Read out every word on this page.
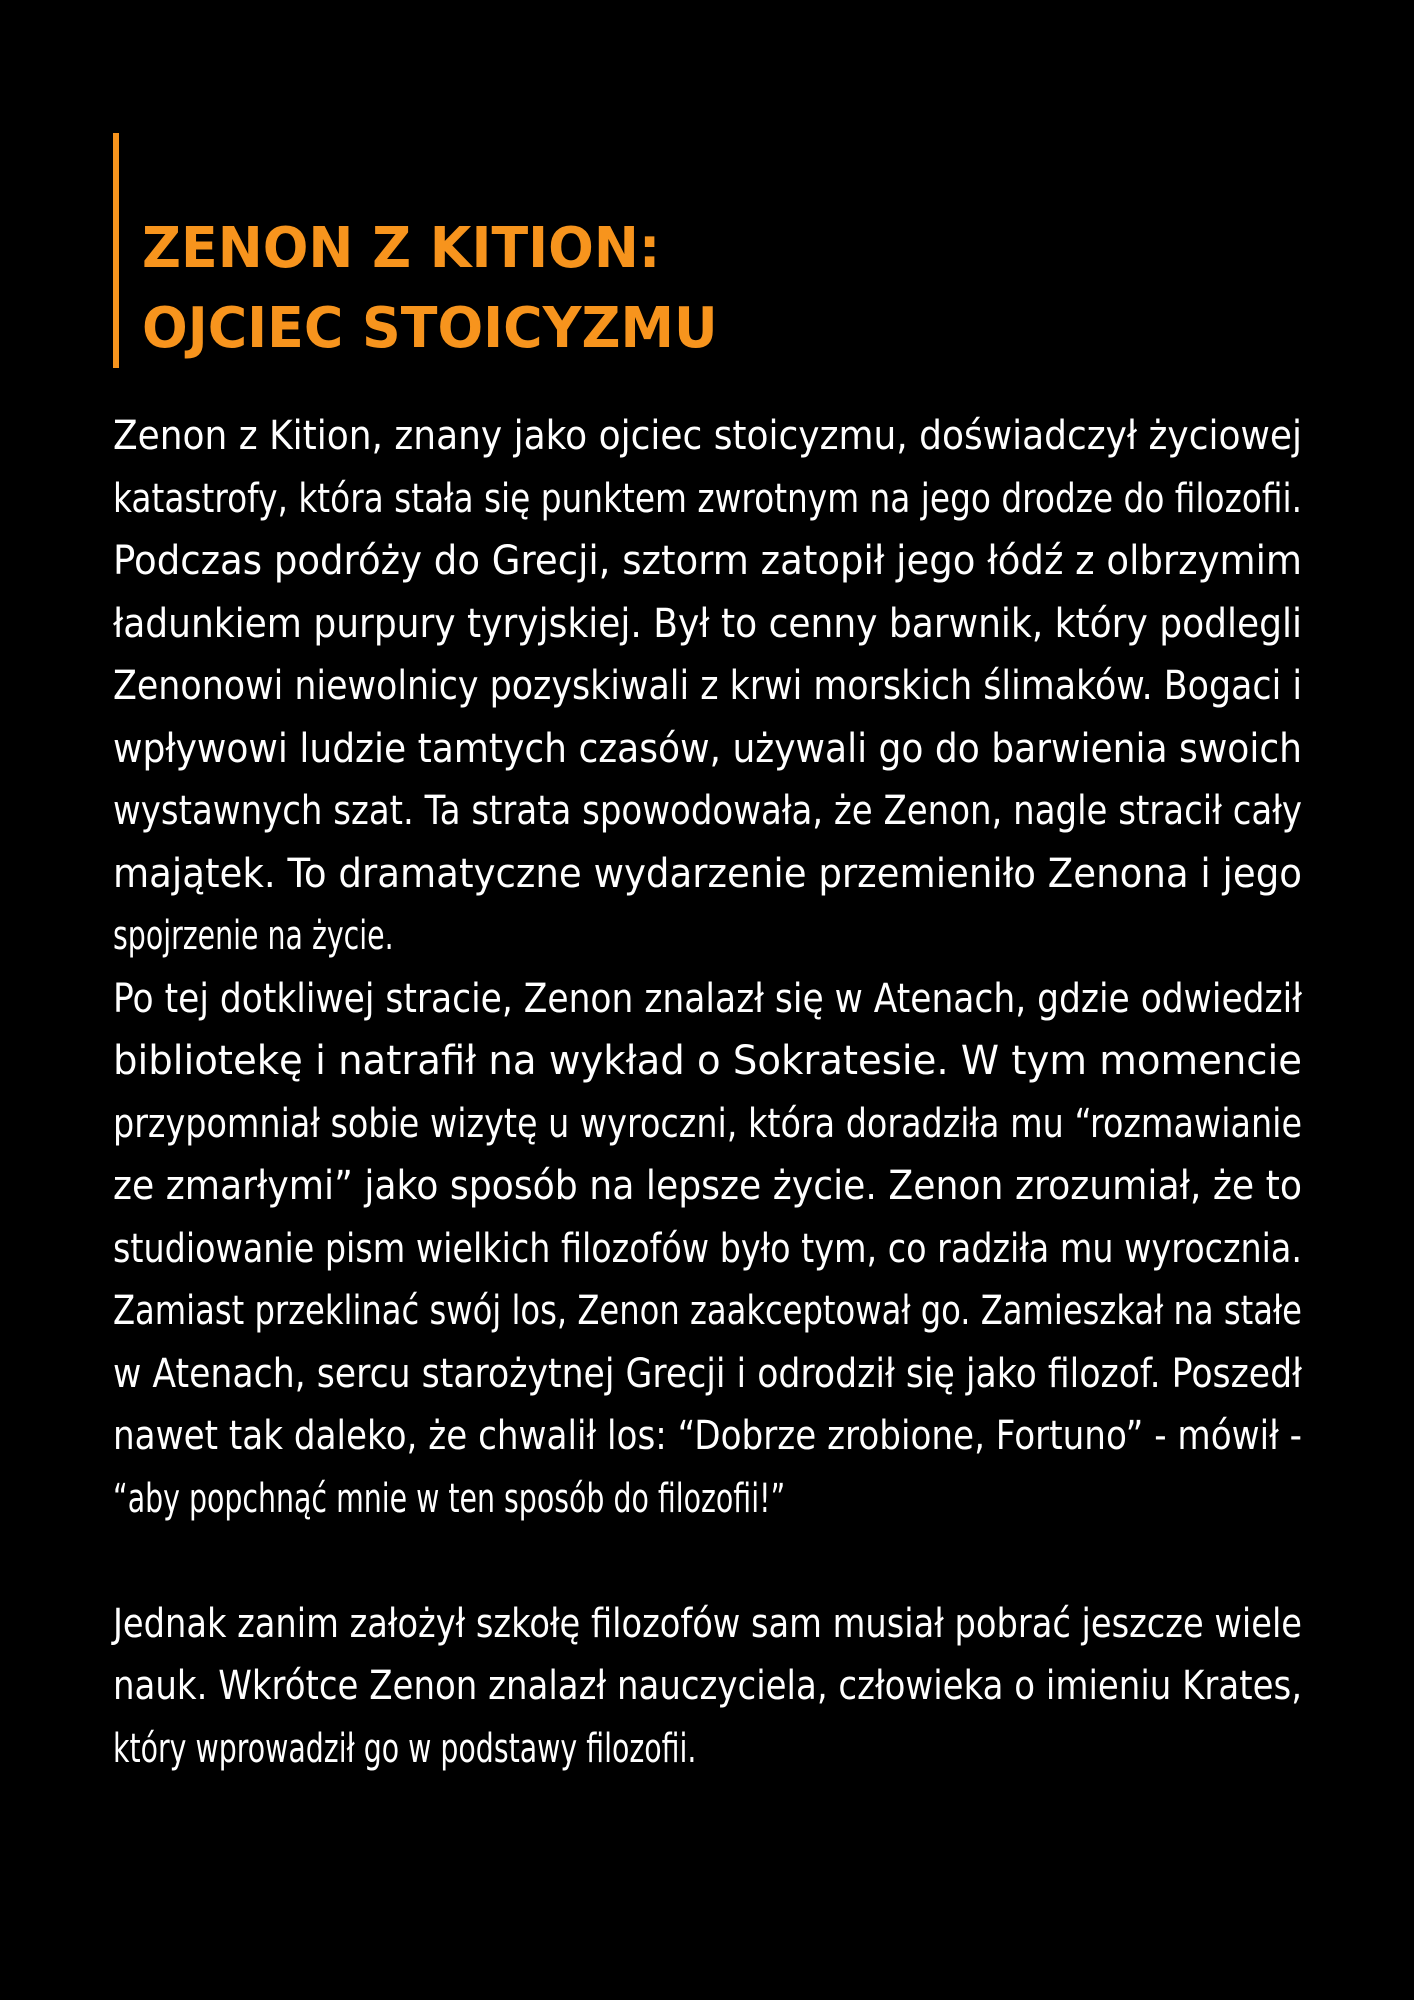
ZENON Z KITION:
OJCIEC STOICYZMU
Zenon z Kition, znany jako ojciec stoicyzmu, doświadczył życiowej
katastrofy, która stała się punktem zwrotnym na jego drodze do filozofii.
Podczas podróży do Grecji, sztorm zatopił jego łódź z olbrzymim
ładunkiem purpury tyryjskiej. Był to cenny barwnik, który podlegli
Zenonowi niewolnicy pozyskiwali z krwi morskich ślimaków. Bogaci i
wpływowi ludzie tamtych czasów, używali go do barwienia swoich
wystawnych szat. Ta strata spowodowała, że Zenon, nagle stracił cały
majątek. To dramatyczne wydarzenie przemieniło Zenona i jego
spojrzenie na życie.
Po tej dotkliwej stracie, Zenon znalazł się w Atenach, gdzie odwiedził
bibliotekę i natrafił na wykład o Sokratesie. W tym momencie
przypomniał sobie wizytę u wyroczni, która doradziła mu “rozmawianie
ze zmarłymi” jako sposób na lepsze życie. Zenon zrozumiał, że to
studiowanie pism wielkich filozofów było tym, co radziła mu wyrocznia.
Zamiast przeklinać swój los, Zenon zaakceptował go. Zamieszkał na stałe
w Atenach, sercu starożytnej Grecji i odrodził się jako filozof. Poszedł
nawet tak daleko, że chwalił los: “Dobrze zrobione, Fortuno” - mówił -
“aby popchnąć mnie w ten sposób do filozofii!”
Jednak zanim założył szkołę filozofów sam musiał pobrać jeszcze wiele
nauk. Wkrótce Zenon znalazł nauczyciela, człowieka o imieniu Krates,
który wprowadził go w podstawy filozofii.
